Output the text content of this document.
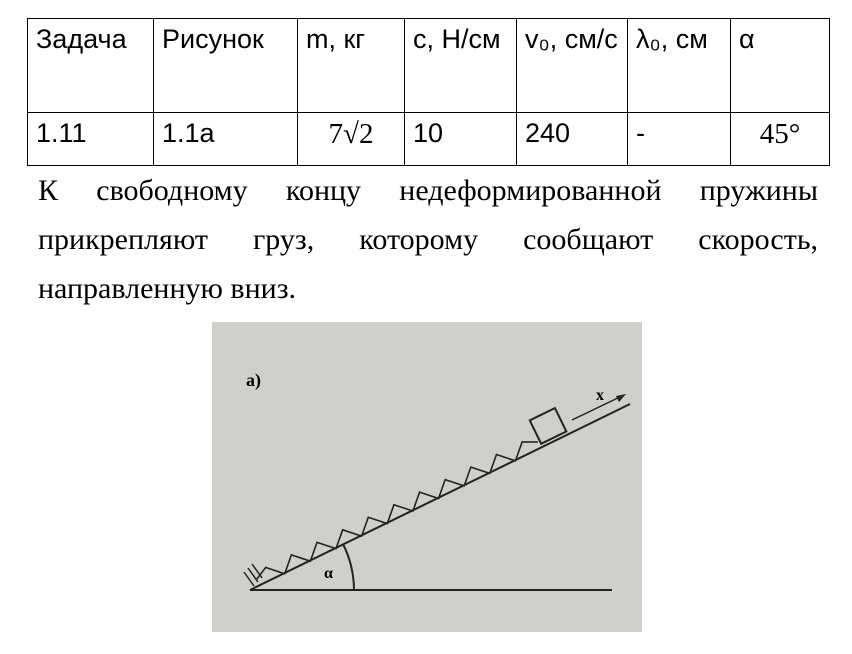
Задача	Рисунок	m, кг	c, Н/см	v₀, см/с	λ₀, см	α
1.11	1.1а	7√2	10	240	-	45°
К свободному концу недеформированной пружины прикрепляют груз, которому сообщают скорость, направленную вниз.
а)
x
α
